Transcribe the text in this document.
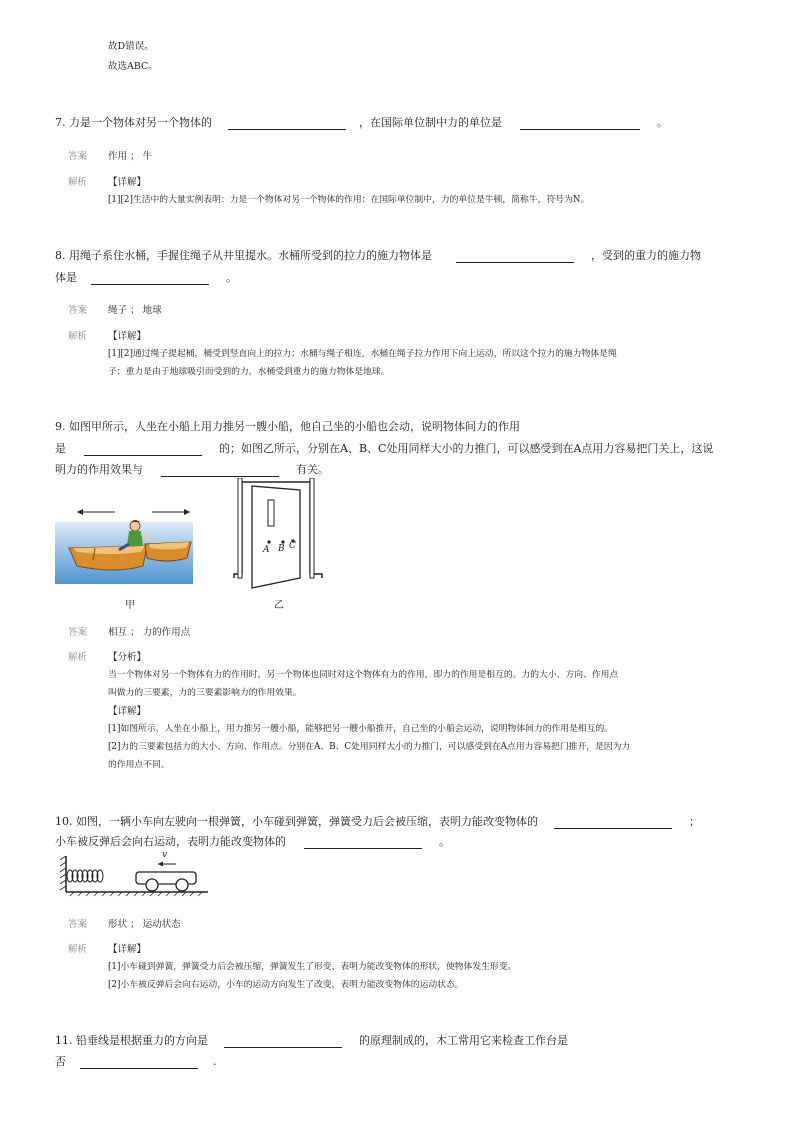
故D错误。
故选ABC。
7. 力是一个物体对另一个物体的	，在国际单位制中力的单位是	。
答案 作用 ； 牛
解析 【详解】
[1][2]生活中的大量实例表明：力是一个物体对另一个物体的作用；在国际单位制中，力的单位是牛顿，简称牛，符号为N。
8. 用绳子系住水桶，手握住绳子从井里提水。水桶所受到的拉力的施力物体是	，受到的重力的施力物
体是	。
答案 绳子 ； 地球
解析 【详解】
[1][2]通过绳子提起桶，桶受到竖直向上的拉力；水桶与绳子相连，水桶在绳子拉力作用下向上运动，所以这个拉力的施力物体是绳
子；重力是由于地球吸引而受到的力，水桶受到重力的施力物体是地球。
9. 如图甲所示，人坐在小船上用力推另一艘小船，他自己坐的小船也会动，说明物体间力的作用
是	的；如图乙所示，分别在A、B、C处用同样大小的力推门，可以感受到在A点用力容易把门关上，这说
明力的作用效果与	有关。
甲
A B C
乙
答案 相互 ； 力的作用点
解析 【分析】
当一个物体对另一个物体有力的作用时，另一个物体也同时对这个物体有力的作用，即力的作用是相互的。力的大小、方向、作用点
叫做力的三要素，力的三要素影响力的作用效果。
【详解】
[1]如图所示，人坐在小船上，用力推另一艘小船，能够把另一艘小船推开，自己坐的小船会运动，说明物体间力的作用是相互的。
[2]力的三要素包括力的大小、方向、作用点。分别在A、B、C处用同样大小的力推门，可以感受到在A点用力容易把门推开，是因为力
的作用点不同。
10. 如图，一辆小车向左驶向一根弹簧，小车碰到弹簧，弹簧受力后会被压缩，表明力能改变物体的	；
小车被反弹后会向右运动，表明力能改变物体的	。
v
答案 形状 ； 运动状态
解析 【详解】
[1]小车碰到弹簧，弹簧受力后会被压缩，弹簧发生了形变，表明力能改变物体的形状，使物体发生形变。
[2]小车被反弹后会向右运动，小车的运动方向发生了改变，表明力能改变物体的运动状态。
11. 铅垂线是根据重力的方向是	的原理制成的，木工常用它来检查工作台是
否	.
